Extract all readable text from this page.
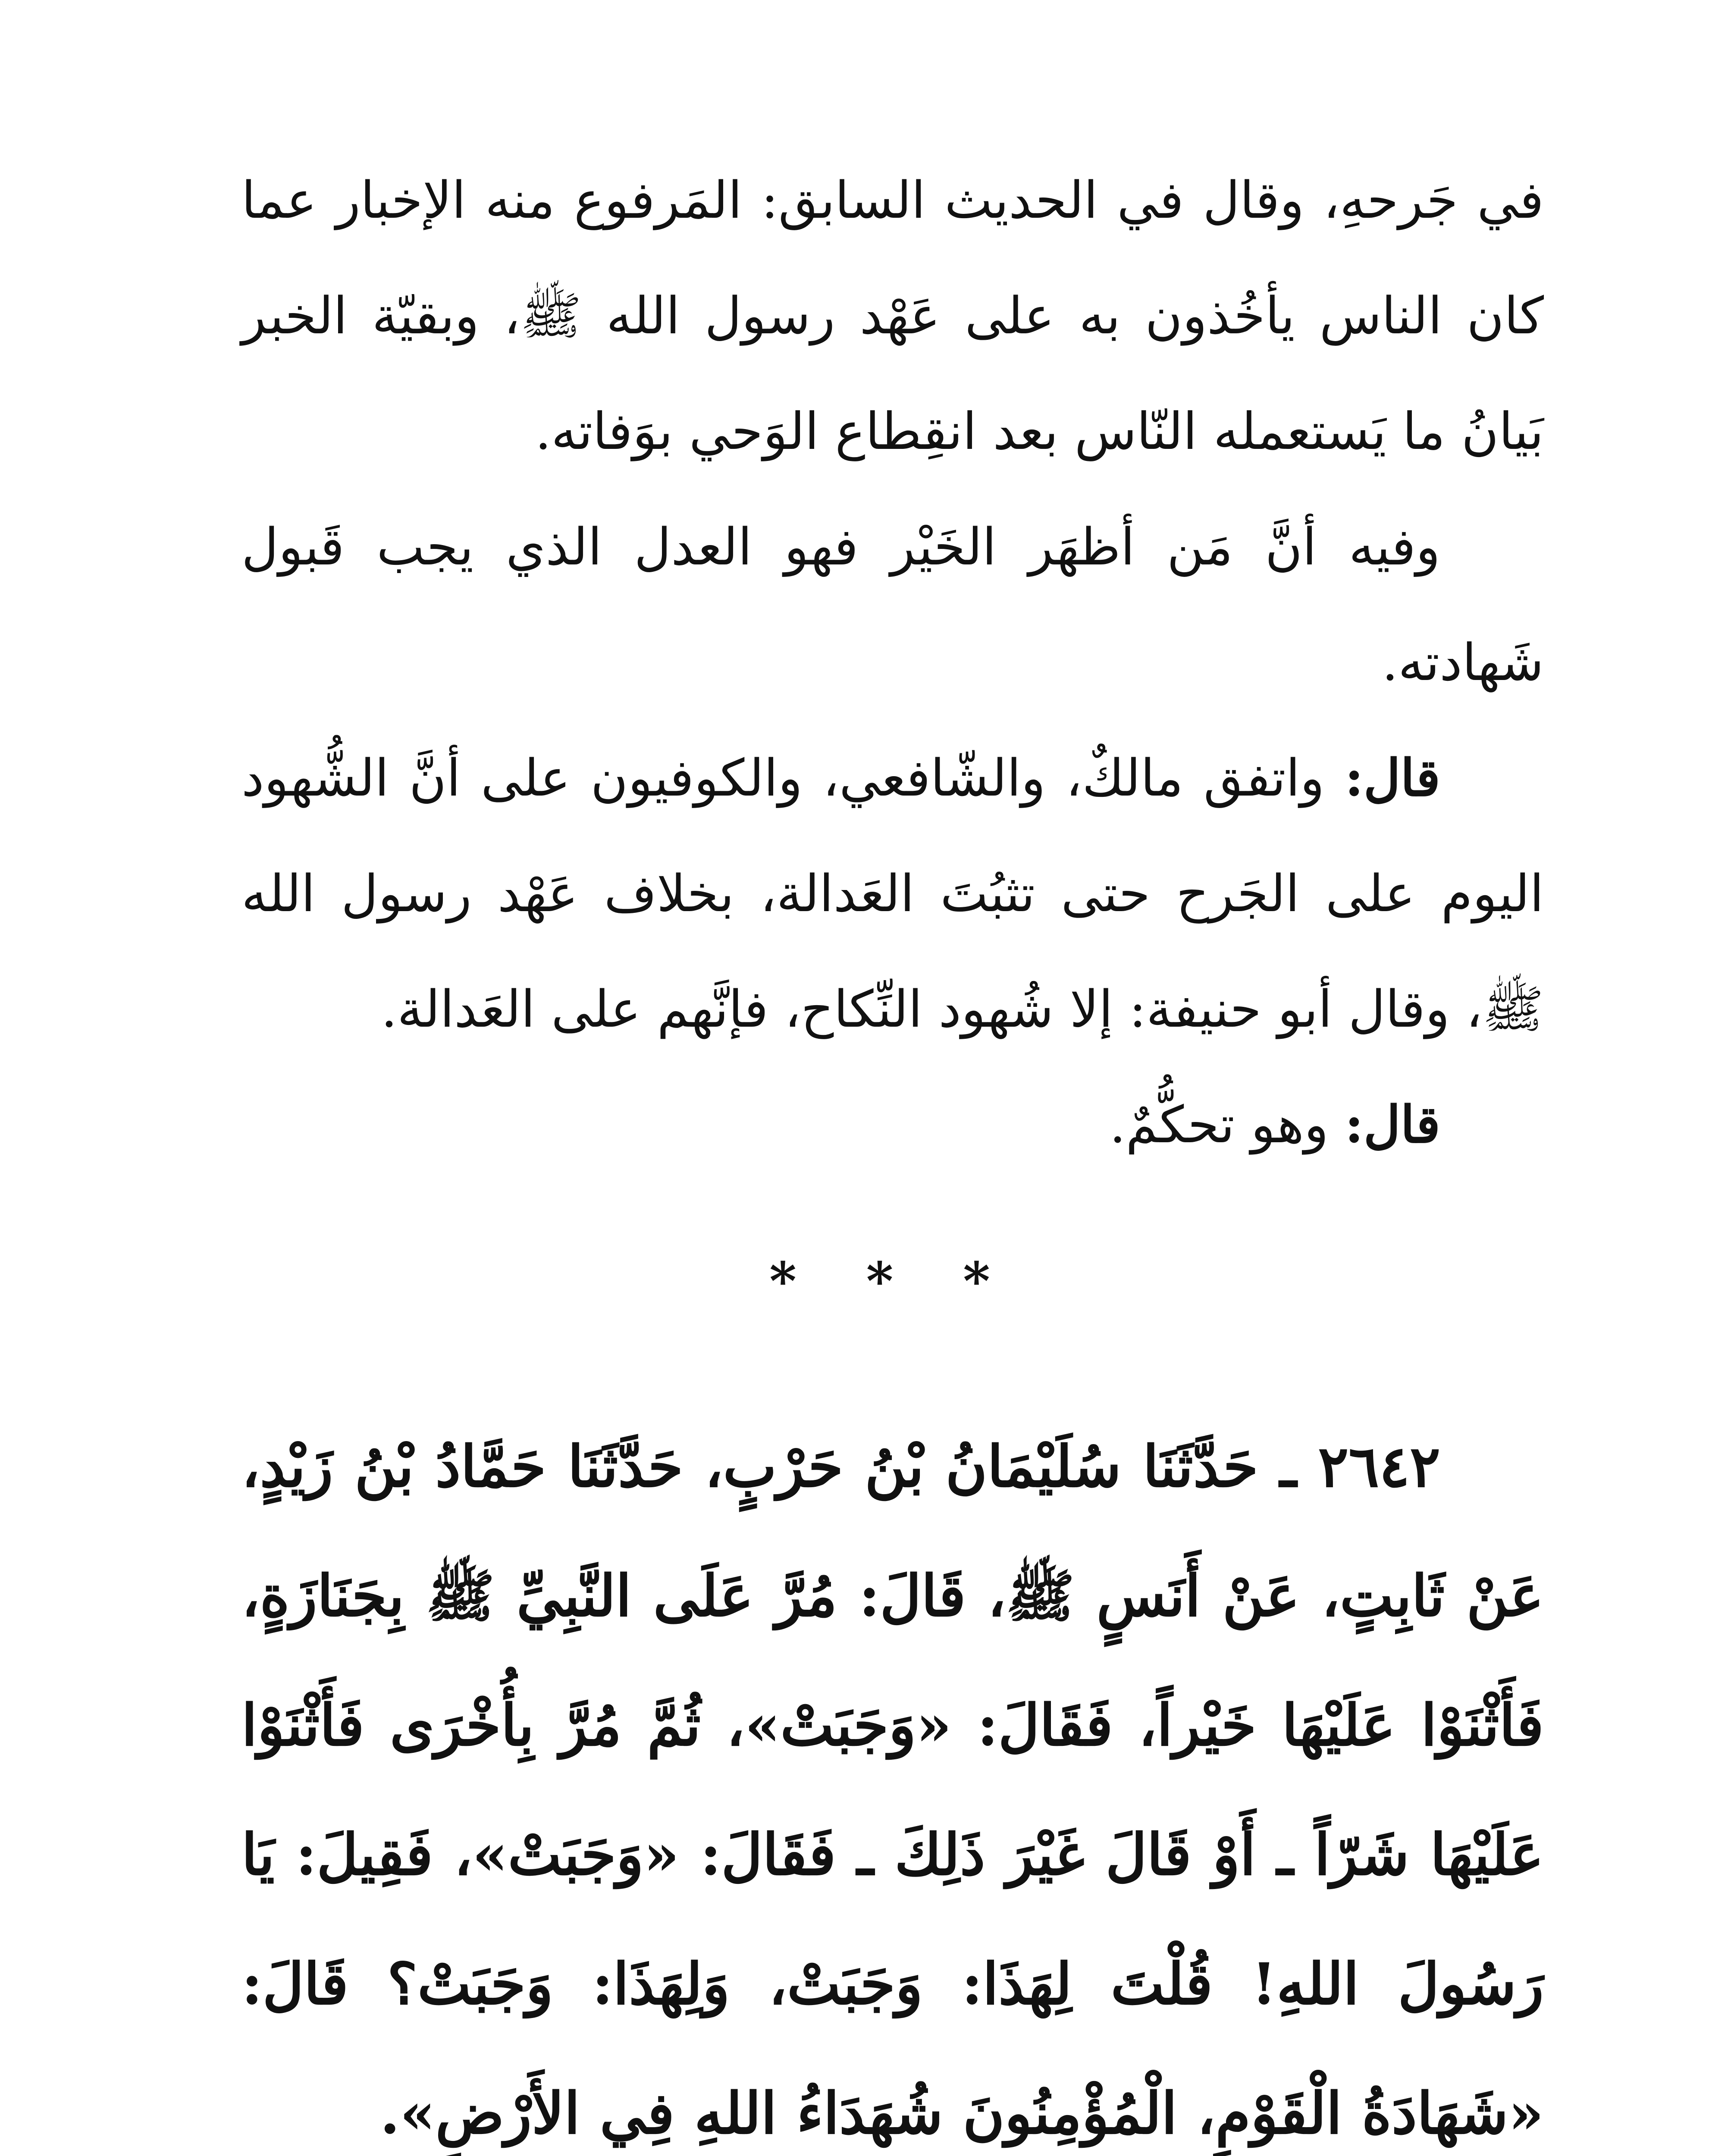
في جَرحهِ، وقال في الحديث السابق: المَرفوع منه الإخبار عما كان الناس يأخُذون به على عَهْد رسول الله ﷺ، وبقيّة الخبر بَيانُ ما يَستعمله النّاس بعد انقِطاع الوَحي بوَفاته.

وفيه أنَّ مَن أظهَر الخَيْر فهو العدل الذي يجب قَبول شَهادته.

قال: واتفق مالكٌ، والشّافعي، والكوفيون على أنَّ الشُّهود اليوم على الجَرح حتى تثبُتَ العَدالة، بخلاف عَهْد رسول الله ﷺ، وقال أبو حنيفة: إلا شُهود النِّكاح، فإنَّهم على العَدالة.

قال: وهو تحكُّمٌ.

* * *

٢٦٤٢ ـ حَدَّثَنَا سُلَيْمَانُ بْنُ حَرْبٍ، حَدَّثَنَا حَمَّادُ بْنُ زَيْدٍ، عَنْ ثَابِتٍ، عَنْ أَنَسٍ ﷺ، قَالَ: مُرَّ عَلَى النَّبِيِّ ﷺ بِجَنَازَةٍ، فَأَثْنَوْا عَلَيْهَا خَيْراً، فَقَالَ: «وَجَبَتْ»، ثُمَّ مُرَّ بِأُخْرَى فَأَثْنَوْا عَلَيْهَا شَرّاً ـ أَوْ قَالَ غَيْرَ ذَلِكَ ـ فَقَالَ: «وَجَبَتْ»، فَقِيلَ: يَا رَسُولَ اللهِ! قُلْتَ لِهَذَا: وَجَبَتْ، وَلِهَذَا: وَجَبَتْ؟ قَالَ: «شَهَادَةُ الْقَوْمِ، الْمُؤْمِنُونَ شُهَدَاءُ اللهِ فِي الأَرْضِ».
